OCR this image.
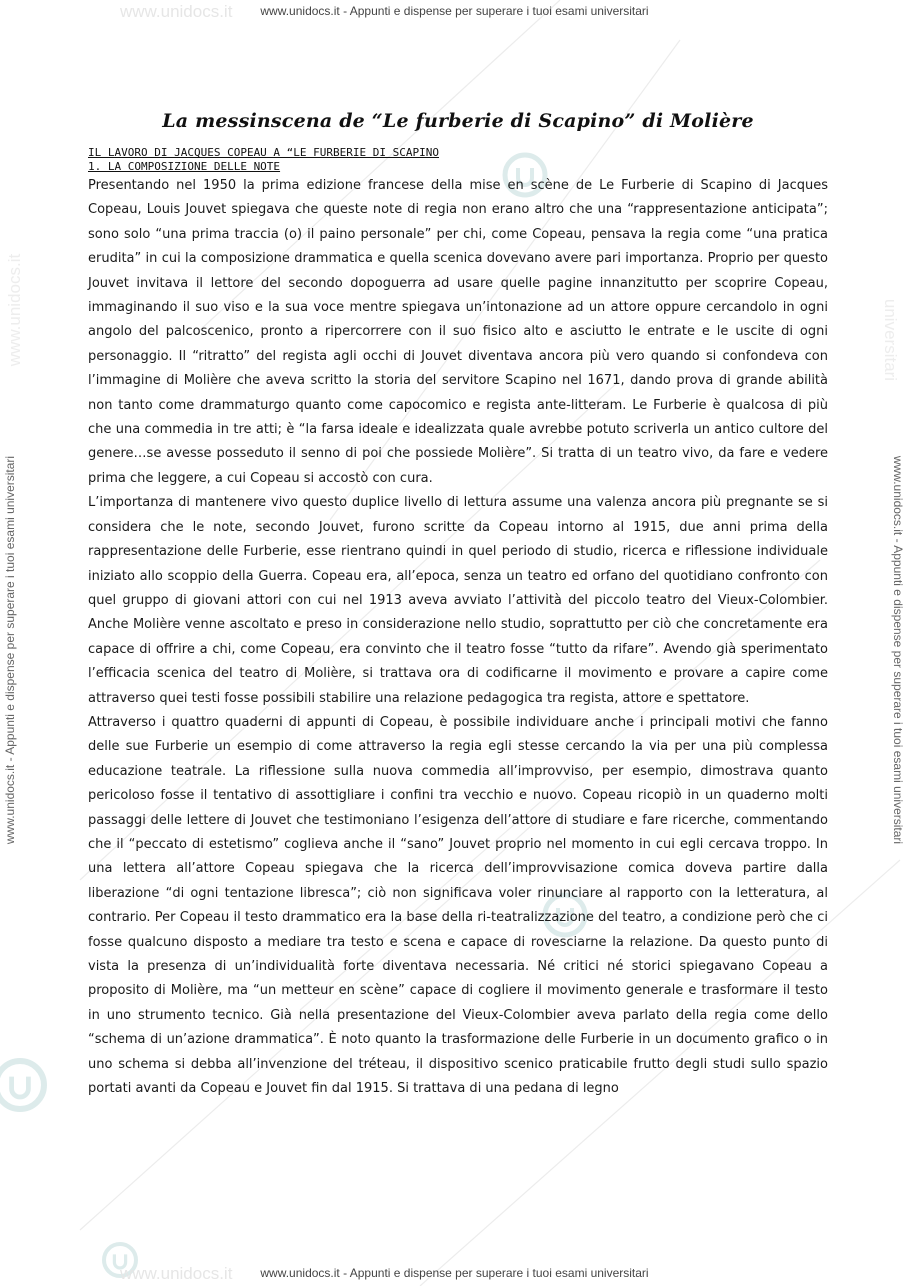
www.unidocs.it
www.unidocs.it
www.unidocs.it - Appunti e dispense per superare i tuoi esami universitari
www.unidocs.it - Appunti e dispense per superare i tuoi esami universitari
www.unidocs.it - Appunti e dispense per superare i tuoi esami universitari	www.unidocs.it - Appunti e dispense per superare i tuoi esami universitari
www.unidocs.it	universitari
La messinscena de “Le furberie di Scapino” di Molière

IL LAVORO DI JACQUES COPEAU A “LE FURBERIE DI SCAPINO

1. LA COMPOSIZIONE DELLE NOTE

Presentando nel 1950 la prima edizione francese della mise en scène de Le Furberie di Scapino di Jacques Copeau, Louis Jouvet spiegava che queste note di regia non erano altro che una “rappresentazione anticipata”; sono solo “una prima traccia (o) il paino personale” per chi, come Copeau, pensava la regia come “una pratica erudita” in cui la composizione drammatica e quella scenica dovevano avere pari importanza. Proprio per questo Jouvet invitava il lettore del secondo dopoguerra ad usare quelle pagine innanzitutto per scoprire Copeau, immaginando il suo viso e la sua voce mentre spiegava un’intonazione ad un attore oppure cercandolo in ogni angolo del palcoscenico, pronto a ripercorrere con il suo fisico alto e asciutto le entrate e le uscite di ogni personaggio. Il “ritratto” del regista agli occhi di Jouvet diventava ancora più vero quando si confondeva con l’immagine di Molière che aveva scritto la storia del servitore Scapino nel 1671, dando prova di grande abilità non tanto come drammaturgo quanto come capocomico e regista ante-litteram. Le Furberie è qualcosa di più che una commedia in tre atti; è “la farsa ideale e idealizzata quale avrebbe potuto scriverla un antico cultore del genere…se avesse posseduto il senno di poi che possiede Molière”. Si tratta di un teatro vivo, da fare e vedere prima che leggere, a cui Copeau si accostò con cura.

L’importanza di mantenere vivo questo duplice livello di lettura assume una valenza ancora più pregnante se si considera che le note, secondo Jouvet, furono scritte da Copeau intorno al 1915, due anni prima della rappresentazione delle Furberie, esse rientrano quindi in quel periodo di studio, ricerca e riflessione individuale iniziato allo scoppio della Guerra. Copeau era, all’epoca, senza un teatro ed orfano del quotidiano confronto con quel gruppo di giovani attori con cui nel 1913 aveva avviato l’attività del piccolo teatro del Vieux-Colombier. Anche Molière venne ascoltato e preso in considerazione nello studio, soprattutto per ciò che concretamente era capace di offrire a chi, come Copeau, era convinto che il teatro fosse “tutto da rifare”. Avendo già sperimentato l’efficacia scenica del teatro di Molière, si trattava ora di codificarne il movimento e provare a capire come attraverso quei testi fosse possibili stabilire una relazione pedagogica tra regista, attore e spettatore.

Attraverso i quattro quaderni di appunti di Copeau, è possibile individuare anche i principali motivi che fanno delle sue Furberie un esempio di come attraverso la regia egli stesse cercando la via per una più complessa educazione teatrale. La riflessione sulla nuova commedia all’improvviso, per esempio, dimostrava quanto pericoloso fosse il tentativo di assottigliare i confini tra vecchio e nuovo. Copeau ricopiò in un quaderno molti passaggi delle lettere di Jouvet che testimoniano l’esigenza dell’attore di studiare e fare ricerche, commentando che il “peccato di estetismo” coglieva anche il “sano” Jouvet proprio nel momento in cui egli cercava troppo. In una lettera all’attore Copeau spiegava che la ricerca dell’improvvisazione comica doveva partire dalla liberazione “di ogni tentazione libresca”; ciò non significava voler rinunciare al rapporto con la letteratura, al contrario. Per Copeau il testo drammatico era la base della ri-teatralizzazione del teatro, a condizione però che ci fosse qualcuno disposto a mediare tra testo e scena e capace di rovesciarne la relazione. Da questo punto di vista la presenza di un’individualità forte diventava necessaria. Né critici né storici spiegavano Copeau a proposito di Molière, ma “un metteur en scène” capace di cogliere il movimento generale e trasformare il testo in uno strumento tecnico. Già nella presentazione del Vieux-Colombier aveva parlato della regia come dello “schema di un’azione drammatica”. È noto quanto la trasformazione delle Furberie in un documento grafico o in uno schema si debba all’invenzione del tréteau, il dispositivo scenico praticabile frutto degli studi sullo spazio portati avanti da Copeau e Jouvet fin dal 1915. Si trattava di una pedana di legno
